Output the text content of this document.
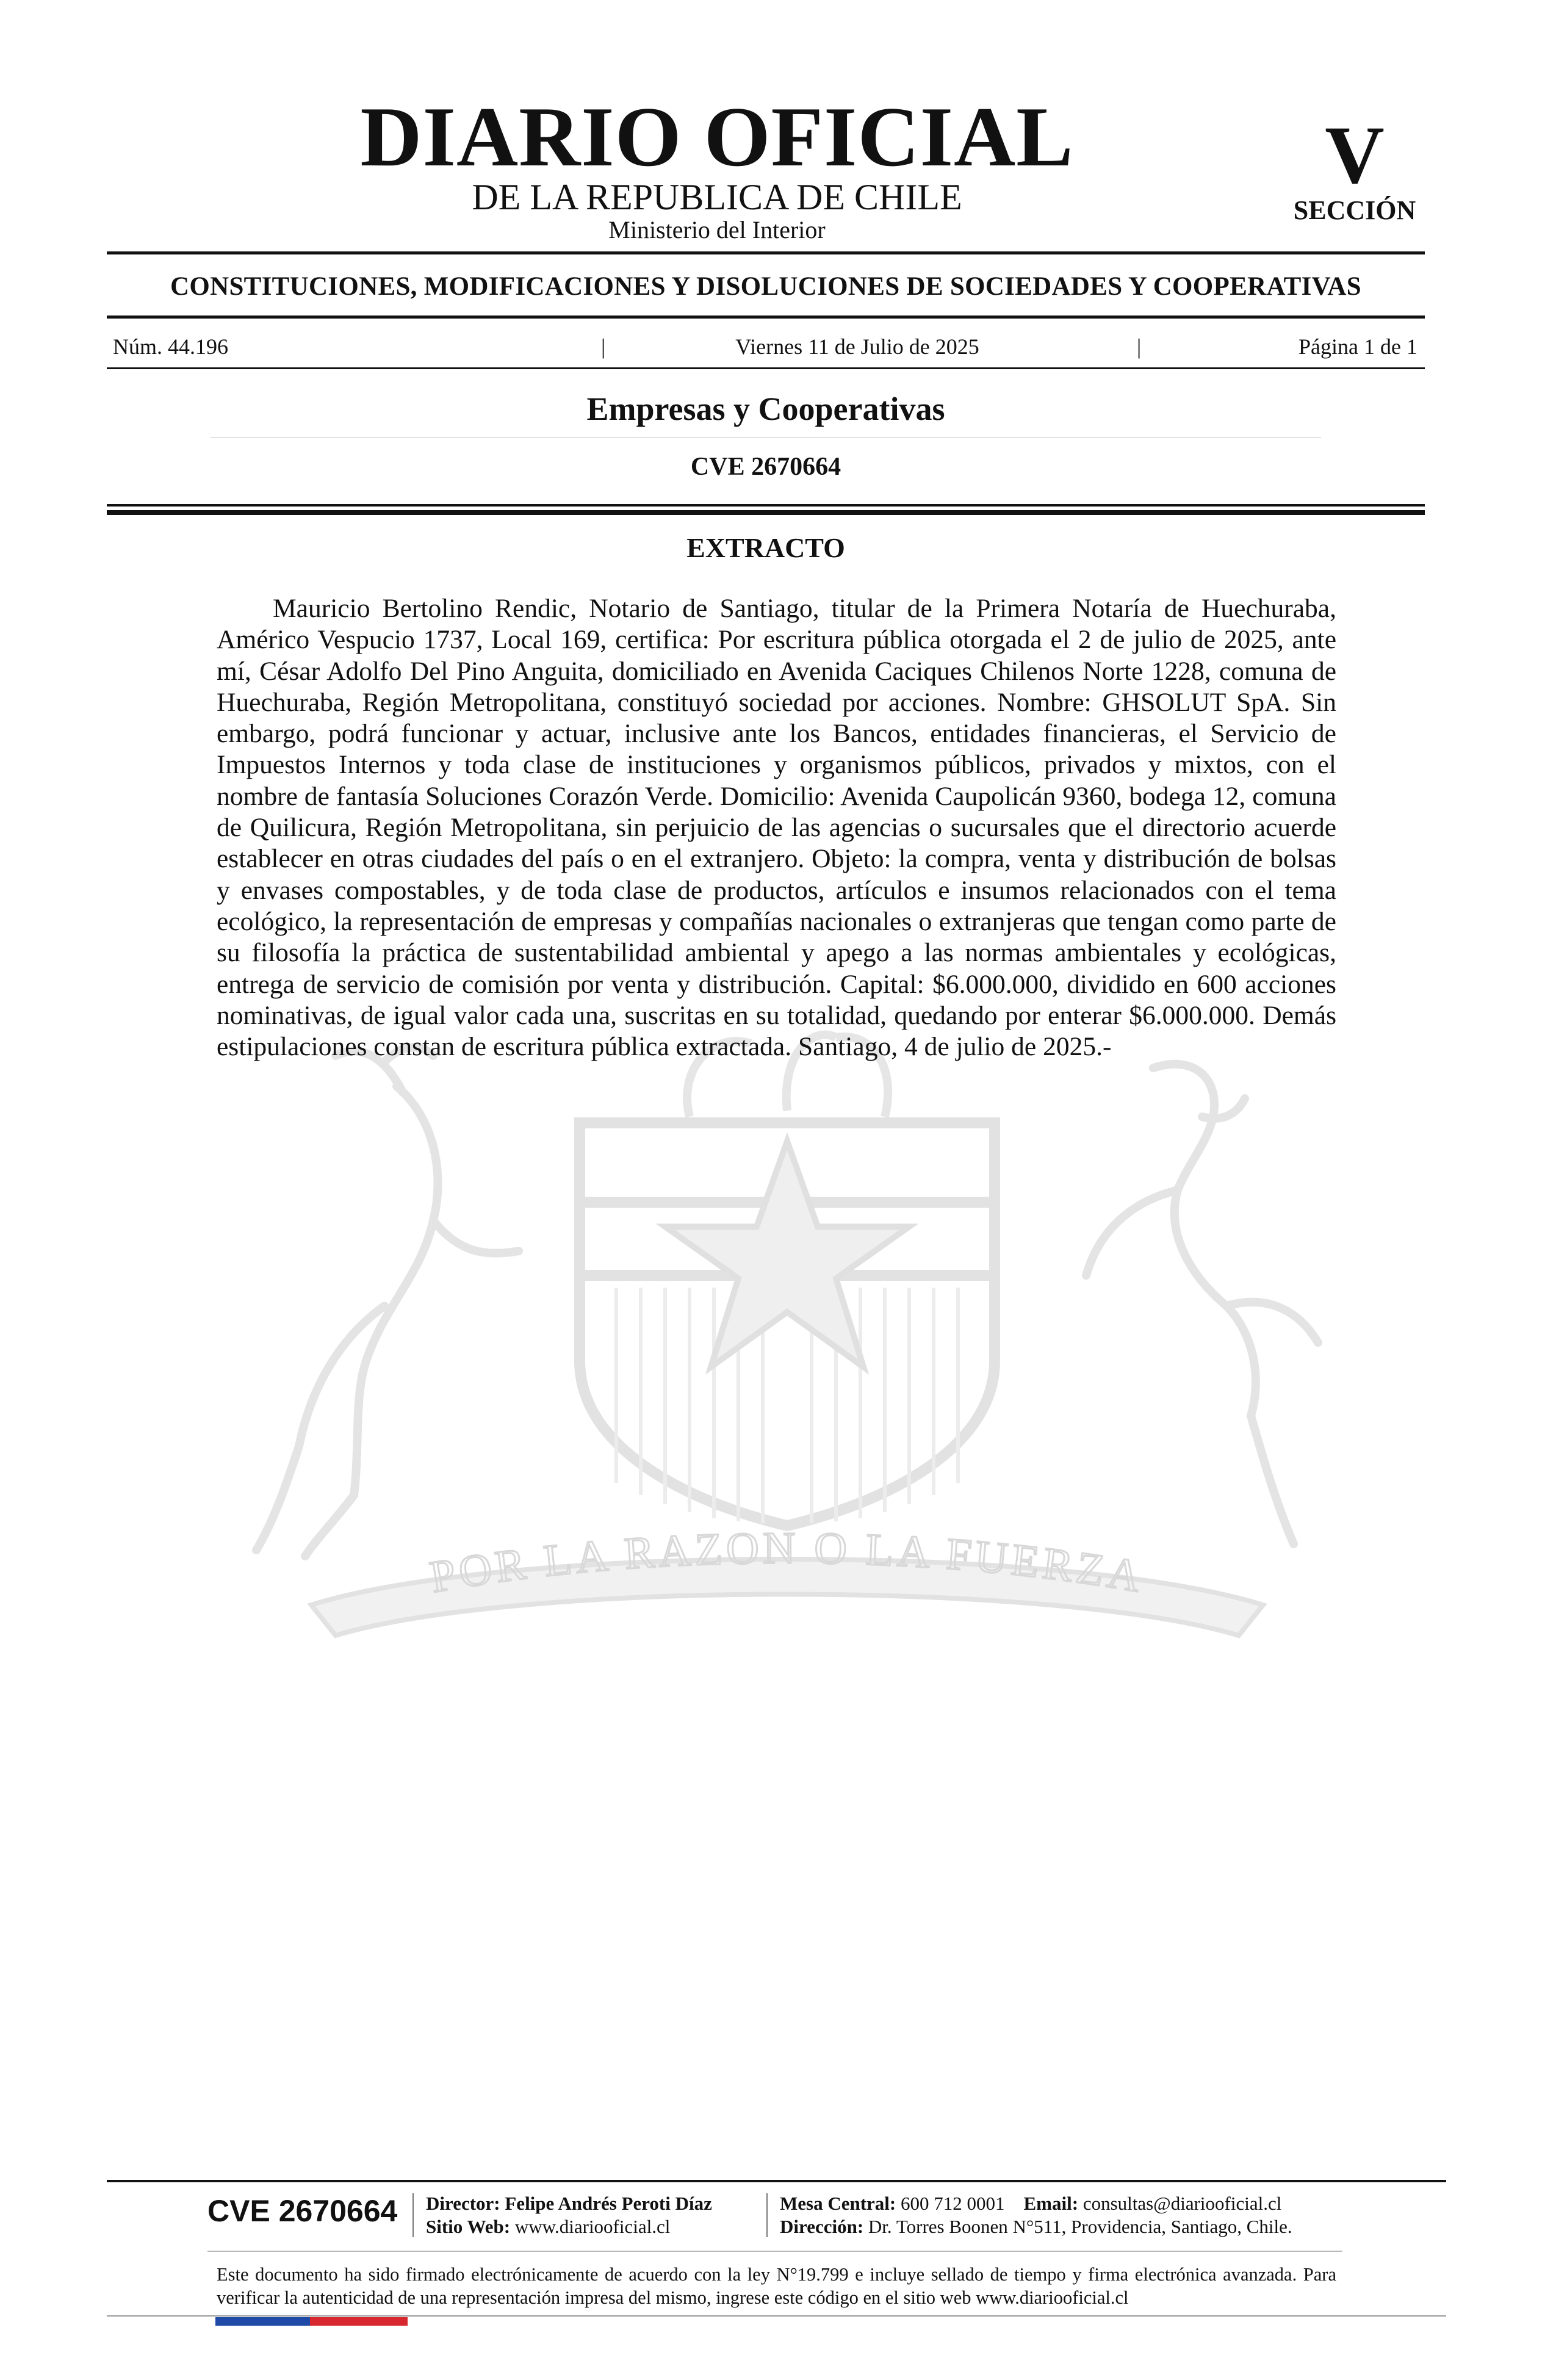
DIARIO OFICIAL
DE LA REPUBLICA DE CHILE
Ministerio del Interior
V
SECCIÓN
CONSTITUCIONES, MODIFICACIONES Y DISOLUCIONES DE SOCIEDADES Y COOPERATIVAS
Núm. 44.196	|	Viernes 11 de Julio de 2025	|	Página 1 de 1
Empresas y Cooperativas
CVE 2670664
POR LA RAZON O LA FUERZA
EXTRACTO

Mauricio Bertolino Rendic, Notario de Santiago, titular de la Primera Notaría de Huechuraba, Américo Vespucio 1737, Local 169, certifica: Por escritura pública otorgada el 2 de julio de 2025, ante mí, César Adolfo Del Pino Anguita, domiciliado en Avenida Caciques Chilenos Norte 1228, comuna de Huechuraba, Región Metropolitana, constituyó sociedad por acciones. Nombre: GHSOLUT SpA. Sin embargo, podrá funcionar y actuar, inclusive ante los Bancos, entidades financieras, el Servicio de Impuestos Internos y toda clase de instituciones y organismos públicos, privados y mixtos, con el nombre de fantasía Soluciones Corazón Verde. Domicilio: Avenida Caupolicán 9360, bodega 12, comuna de Quilicura, Región Metropolitana, sin perjuicio de las agencias o sucursales que el directorio acuerde establecer en otras ciudades del país o en el extranjero. Objeto: la compra, venta y distribución de bolsas y envases compostables, y de toda clase de productos, artículos e insumos relacionados con el tema ecológico, la representación de empresas y compañías nacionales o extranjeras que tengan como parte de su filosofía la práctica de sustentabilidad ambiental y apego a las normas ambientales y ecológicas, entrega de servicio de comisión por venta y distribución. Capital: $6.000.000, dividido en 600 acciones nominativas, de igual valor cada una, suscritas en su totalidad, quedando por enterar $6.000.000. Demás estipulaciones constan de escritura pública extractada. Santiago, 4 de julio de 2025.-

CVE 2670664	Director: Felipe Andrés Peroti Díaz
Sitio Web: www.diariooficial.cl
Mesa Central: 600 712 0001 Email: consultas@diariooficial.cl
Dirección: Dr. Torres Boonen N°511, Providencia, Santiago, Chile.

Este documento ha sido firmado electrónicamente de acuerdo con la ley N°19.799 e incluye sellado de tiempo y firma electrónica avanzada. Para verificar la autenticidad de una representación impresa del mismo, ingrese este código en el sitio web www.diariooficial.cl
